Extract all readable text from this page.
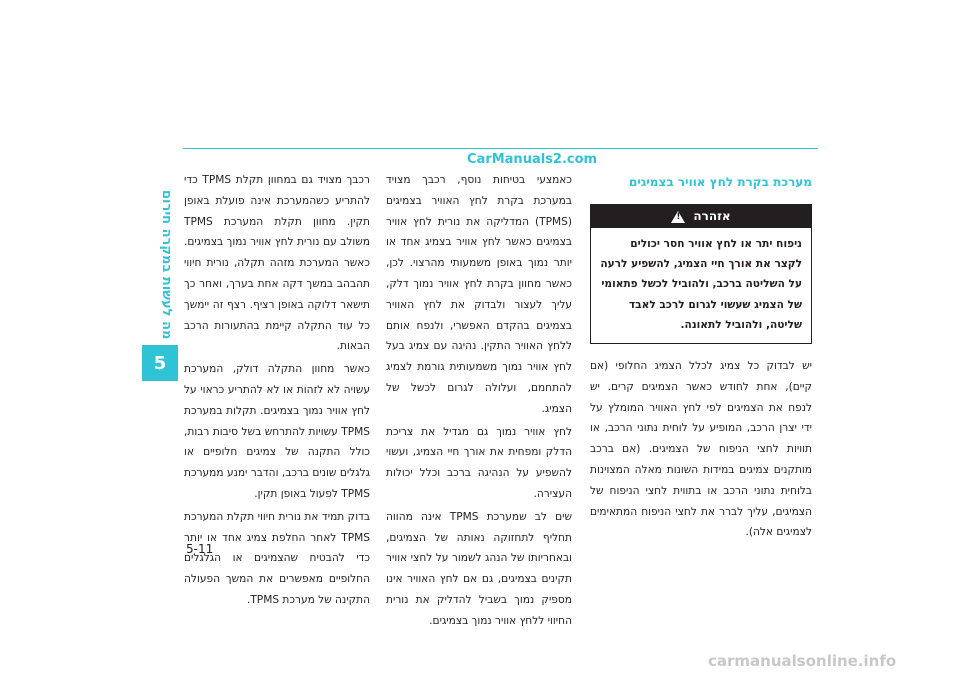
מה לעשות במקרה חירום
5
CarManuals2.com
מערכת בקרת לחץ אוויר בצמיגים
אזהרה
!
ניפוח יתר או לחץ אוויר חסר יכולים לקצר את אורך חיי הצמיג, להשפיע לרעה על השליטה ברכב, ולהוביל לכשל פתאומי של הצמיג שעשוי לגרום לרכב לאבד שליטה, ולהוביל לתאונה.

יש לבדוק כל צמיג לכלל הצמיג החלופי (אם קיים), אחת לחודש כאשר הצמיגים קרים. יש לנפח את הצמיגים לפי לחץ האוויר המומלץ על ידי יצרן הרכב, המופיע על לוחית נתוני הרכב, או תוויות לחצי הניפוח של הצמיגים. (אם ברכב מותקנים צמיגים במידות השונות מאלה המצוינות בלוחית נתוני הרכב או בתווית לחצי הניפוח של הצמיגים, עליך לברר את לחצי הניפוח המתאימים לצמיגים אלה).

כאמצעי בטיחות נוסף, רכבך מצויד במערכת בקרת לחץ האוויר בצמיגים (TPMS) המדליקה את נורית לחץ אוויר בצמיגים כאשר לחץ אוויר בצמיג אחד או יותר נמוך באופן משמעותי מהרצוי. לכן, כאשר מחוון בקרת לחץ אוויר נמוך דלק, עליך לעצור ולבדוק את לחץ האוויר בצמיגים בהקדם האפשרי, ולנפח אותם ללחץ האוויר התקין. נהיגה עם צמיג בעל לחץ אוויר נמוך משמעותית גורמת לצמיג להתחמם, ועלולה לגרום לכשל של הצמיג.

לחץ אוויר נמוך גם מגדיל את צריכת הדלק ומפחית את אורך חיי הצמיג, ועשוי להשפיע על הנהיגה ברכב וכלל יכולות העצירה.

שים לב שמערכת TPMS אינה מהווה תחליף לתחזוקה נאותה של הצמיגים, ובאחריותו של הנהג לשמור על לחצי אוויר תקינים בצמיגים, גם אם לחץ האוויר אינו מספיק נמוך בשביל להדליק את נורית החיווי ללחץ אוויר נמוך בצמיגים.

רכבך מצויד גם במחוון תקלת TPMS כדי להתריע כשהמערכת אינה פועלת באופן תקין. מחוון תקלת המערכת TPMS משולב עם נורית לחץ אוויר נמוך בצמיגים. כאשר המערכת מזהה תקלה, נורית חיווי תהבהב במשך דקה אחת בערך, ואחר כך תישאר דלוקה באופן רציף. רצף זה יימשך כל עוד התקלה קיימת בהתעורות הרכב הבאות.

כאשר מחוון התקלה דולק, המערכת עשויה לא לזהות או לא להתריע כראוי על לחץ אוויר נמוך בצמיגים. תקלות במערכת TPMS עשויות להתרחש בשל סיבות רבות, כולל התקנה של צמיגים חלופיים או גלגלים שונים ברכב, והדבר ימנע ממערכת TPMS לפעול באופן תקין.

בדוק תמיד את נורית חיווי תקלת המערכת TPMS לאחר החלפת צמיג אחד או יותר כדי להבטיח שהצמיגים או הגלגלים החלופיים מאפשרים את המשך הפעולה התקינה של מערכת TPMS.

5-11
carmanualsonline.info
